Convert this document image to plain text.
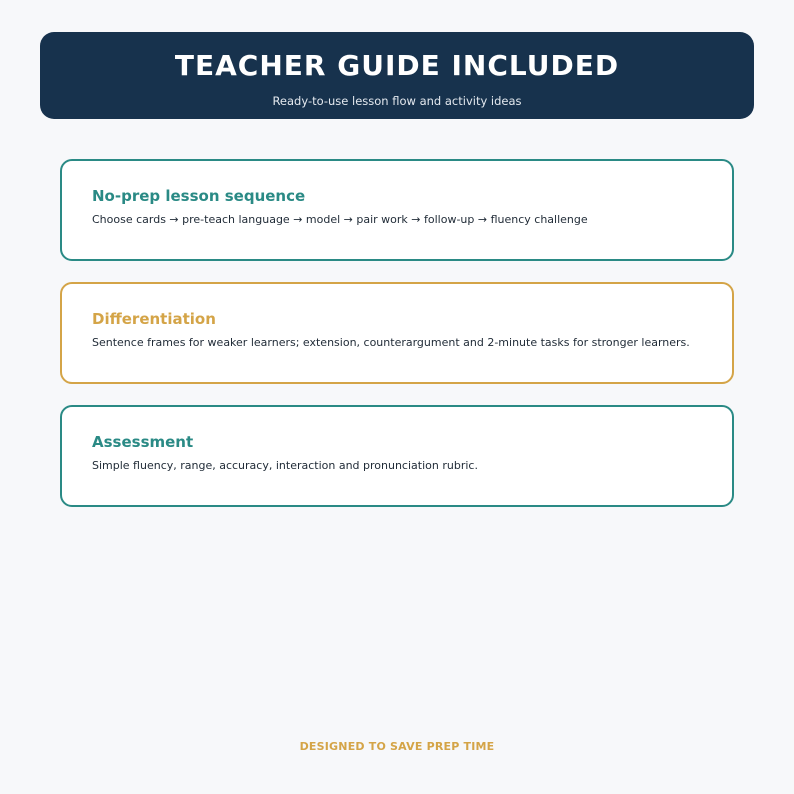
TEACHER GUIDE INCLUDED
Ready-to-use lesson flow and activity ideas
No-prep lesson sequence
Choose cards → pre-teach language → model → pair work → follow-up → fluency challenge
Differentiation
Sentence frames for weaker learners; extension, counterargument and 2-minute tasks for stronger learners.
Assessment
Simple fluency, range, accuracy, interaction and pronunciation rubric.
DESIGNED TO SAVE PREP TIME
